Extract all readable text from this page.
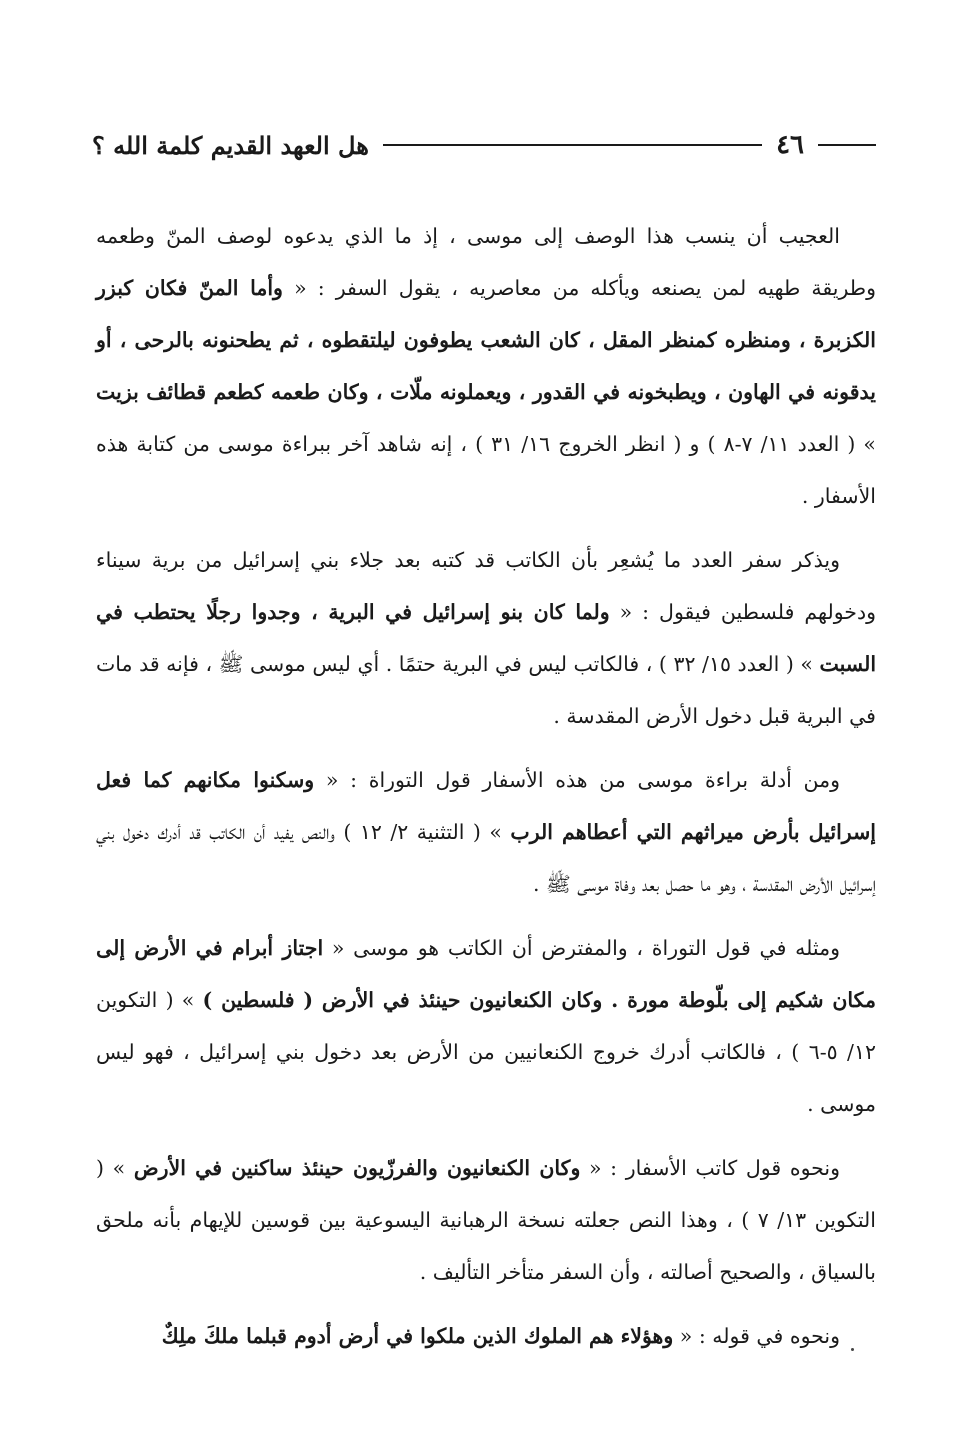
٤٦
هل العهد القديم كلمة الله ؟

العجيب أن ينسب هذا الوصف إلى موسى ، إذ ما الذي يدعوه لوصف المنّ وطعمه وطريقة طهيه لمن يصنعه ويأكله من معاصريه ، يقول السفر : « وأما المنّ فكان كبزر الكزبرة ، ومنظره كمنظر المقل ، كان الشعب يطوفون ليلتقطوه ، ثم يطحنونه بالرحى ، أو يدقونه في الهاون ، ويطبخونه في القدور ، ويعملونه ملّات ، وكان طعمه كطعم قطائف بزيت » ( العدد ١١/ ٧-٨ ) و ( انظر الخروج ١٦/ ٣١ ) ، إنه شاهد آخر ببراءة موسى من كتابة هذه الأسفار .

ويذكر سفر العدد ما يُشعِر بأن الكاتب قد كتبه بعد جلاء بني إسرائيل من برية سيناء ودخولهم فلسطين فيقول : « ولما كان بنو إسرائيل في البرية ، وجدوا رجلًا يحتطب في السبت » ( العدد ١٥/ ٣٢ ) ، فالكاتب ليس في البرية حتمًا . أي ليس موسى ﷺ ، فإنه قد مات في البرية قبل دخول الأرض المقدسة .

ومن أدلة براءة موسى من هذه الأسفار قول التوراة : « وسكنوا مكانهم كما فعل إسرائيل بأرض ميراثهم التي أعطاهم الرب » ( التثنية ٢/ ١٢ ) والنص يفيد أن الكاتب قد أدرك دخول بني إسرائيل الأرض المقدسة ، وهو ما حصل بعد وفاة موسى ﷺ .

ومثله في قول التوراة ، والمفترض أن الكاتب هو موسى « اجتاز أبرام في الأرض إلى مكان شكيم إلى بلّوطة مورة . وكان الكنعانيون حينئذ في الأرض ( فلسطين ) » ( التكوين ١٢/ ٥-٦ ) ، فالكاتب أدرك خروج الكنعانيين من الأرض بعد دخول بني إسرائيل ، فهو ليس موسى .

ونحوه قول كاتب الأسفار : « وكان الكنعانيون والفرزّيون حينئذ ساكنين في الأرض » ( التكوين ١٣/ ٧ ) ، وهذا النص جعلته نسخة الرهبانية اليسوعية بين قوسين للإيهام بأنه ملحق بالسياق ، والصحيح أصالته ، وأن السفر متأخر التأليف .

ونحوه في قوله : « وهؤلاء هم الملوك الذين ملكوا في أرض أدوم قبلما ملكَ ملِكٌ
